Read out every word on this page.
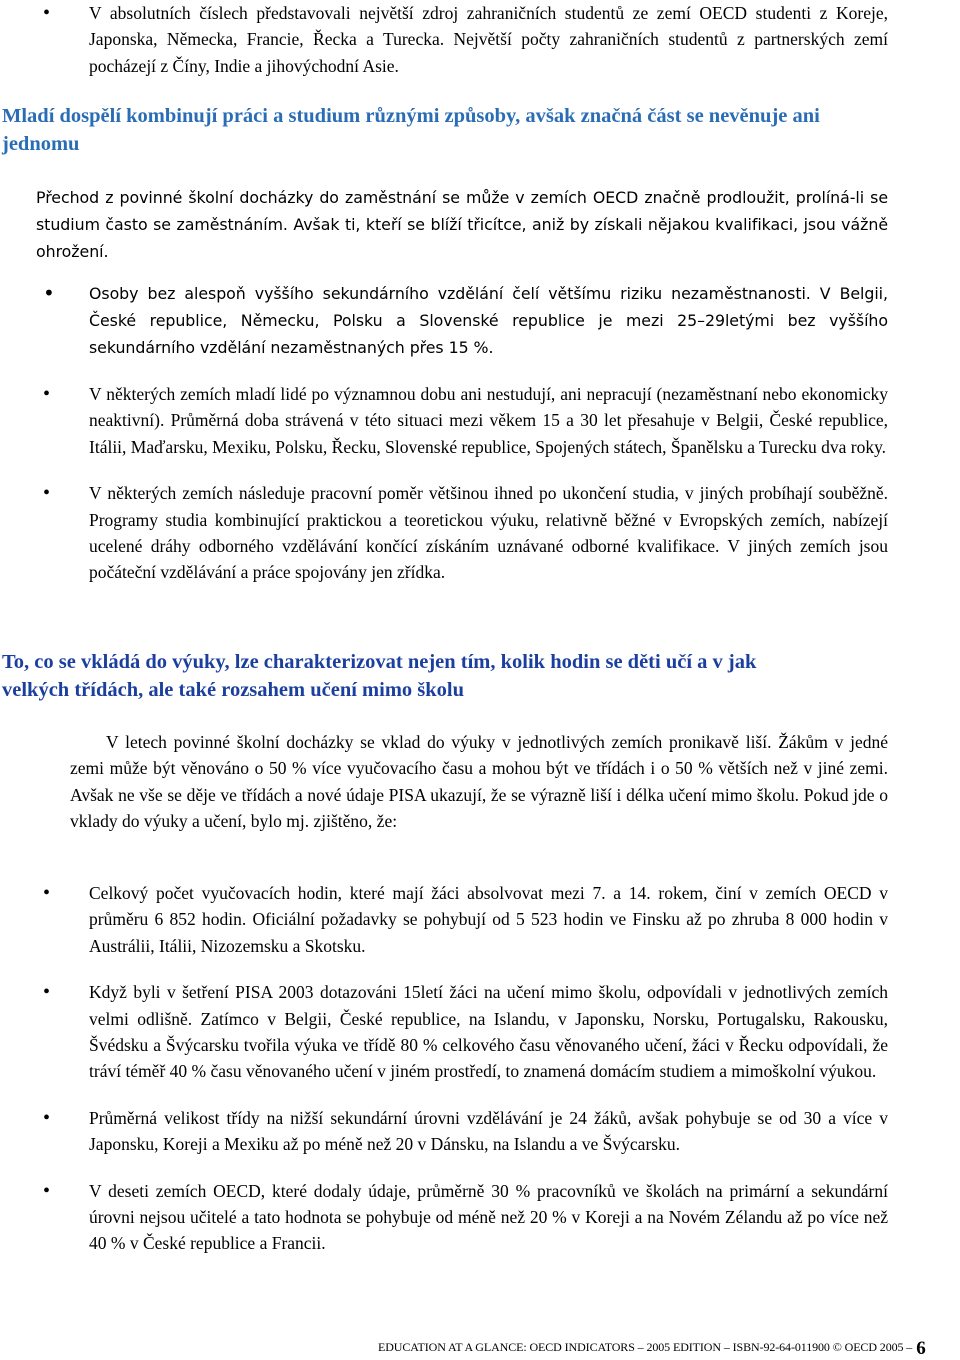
• V absolutních číslech představovali největší zdroj zahraničních studentů ze zemí OECD studenti z Koreje, Japonska, Německa, Francie, Řecka a Turecka. Největší počty zahraničních studentů z partnerských zemí pocházejí z Číny, Indie a jihovýchodní Asie.
Mladí dospělí kombinují práci a studium různými způsoby, avšak značná část se nevěnuje ani jednomu

Přechod z povinné školní docházky do zaměstnání se může v zemích OECD značně prodloužit, prolíná-li se studium často se zaměstnáním. Avšak ti, kteří se blíží třicítce, aniž by získali nějakou kvalifikaci, jsou vážně ohrožení.

• Osoby bez alespoň vyššího sekundárního vzdělání čelí většímu riziku nezaměstnanosti. V Belgii, České republice, Německu, Polsku a Slovenské republice je mezi 25–29letými bez vyššího sekundárního vzdělání nezaměstnaných přes 15 %.
• V některých zemích mladí lidé po významnou dobu ani nestudují, ani nepracují (nezaměstnaní nebo ekonomicky neaktivní). Průměrná doba strávená v této situaci mezi věkem 15 a 30 let přesahuje v Belgii, České republice, Itálii, Maďarsku, Mexiku, Polsku, Řecku, Slovenské republice, Spojených státech, Španělsku a Turecku dva roky.
• V některých zemích následuje pracovní poměr většinou ihned po ukončení studia, v jiných probíhají souběžně. Programy studia kombinující praktickou a teoretickou výuku, relativně běžné v Evropských zemích, nabízejí ucelené dráhy odborného vzdělávání končící získáním uznávané odborné kvalifikace. V jiných zemích jsou počáteční vzdělávání a práce spojovány jen zřídka.
To, co se vkládá do výuky, lze charakterizovat nejen tím, kolik hodin se děti učí a v jak velkých třídách, ale také rozsahem učení mimo školu

V letech povinné školní docházky se vklad do výuky v jednotlivých zemích pronikavě liší. Žákům v jedné zemi může být věnováno o 50 % více vyučovacího času a mohou být ve třídách i o 50 % větších než v jiné zemi. Avšak ne vše se děje ve třídách a nové údaje PISA ukazují, že se výrazně liší i délka učení mimo školu. Pokud jde o vklady do výuky a učení, bylo mj. zjištěno, že:

• Celkový počet vyučovacích hodin, které mají žáci absolvovat mezi 7. a 14. rokem, činí v zemích OECD v průměru 6 852 hodin. Oficiální požadavky se pohybují od 5 523 hodin ve Finsku až po zhruba 8 000 hodin v Austrálii, Itálii, Nizozemsku a Skotsku.
• Když byli v šetření PISA 2003 dotazováni 15letí žáci na učení mimo školu, odpovídali v jednotlivých zemích velmi odlišně. Zatímco v Belgii, České republice, na Islandu, v Japonsku, Norsku, Portugalsku, Rakousku, Švédsku a Švýcarsku tvořila výuka ve třídě 80 % celkového času věnovaného učení, žáci v Řecku odpovídali, že tráví téměř 40 % času věnovaného učení v jiném prostředí, to znamená domácím studiem a mimoškolní výukou.
• Průměrná velikost třídy na nižší sekundární úrovni vzdělávání je 24 žáků, avšak pohybuje se od 30 a více v Japonsku, Koreji a Mexiku až po méně než 20 v Dánsku, na Islandu a ve Švýcarsku.
• V deseti zemích OECD, které dodaly údaje, průměrně 30 % pracovníků ve školách na primární a sekundární úrovni nejsou učitelé a tato hodnota se pohybuje od méně než 20 % v Koreji a na Novém Zélandu až po více než 40 % v České republice a Francii.
EDUCATION AT A GLANCE: OECD INDICATORS – 2005 EDITION – ISBN-92-64-011900 © OECD 2005 – 6
